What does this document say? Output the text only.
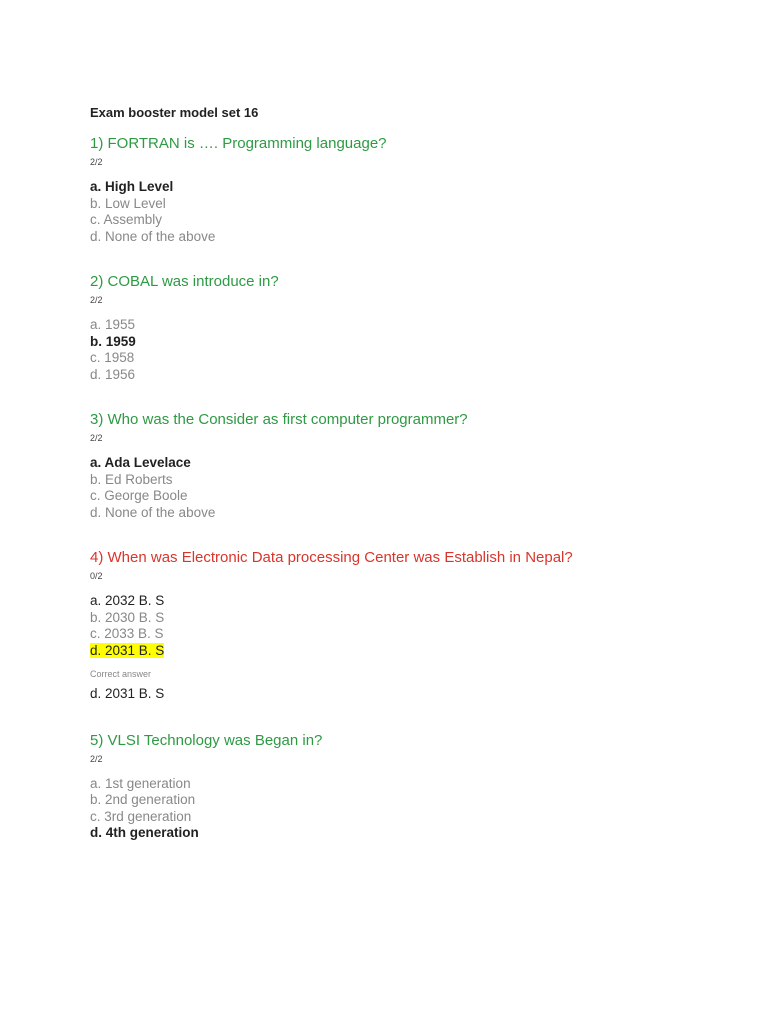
Exam booster model set 16
1) FORTRAN is …. Programming language?
2/2
a. High Level
b. Low Level
c. Assembly
d. None of the above
2) COBAL was introduce in?
2/2
a. 1955
b. 1959
c. 1958
d. 1956
3) Who was the Consider as first computer programmer?
2/2
a. Ada Levelace
b. Ed Roberts
c. George Boole
d. None of the above
4) When was Electronic Data processing Center was Establish in Nepal?
0/2
a. 2032 B. S
b. 2030 B. S
c. 2033 B. S
d. 2031 B. S
Correct answer
d. 2031 B. S
5) VLSI Technology was Began in?
2/2
a. 1st generation
b. 2nd generation
c. 3rd generation
d. 4th generation
